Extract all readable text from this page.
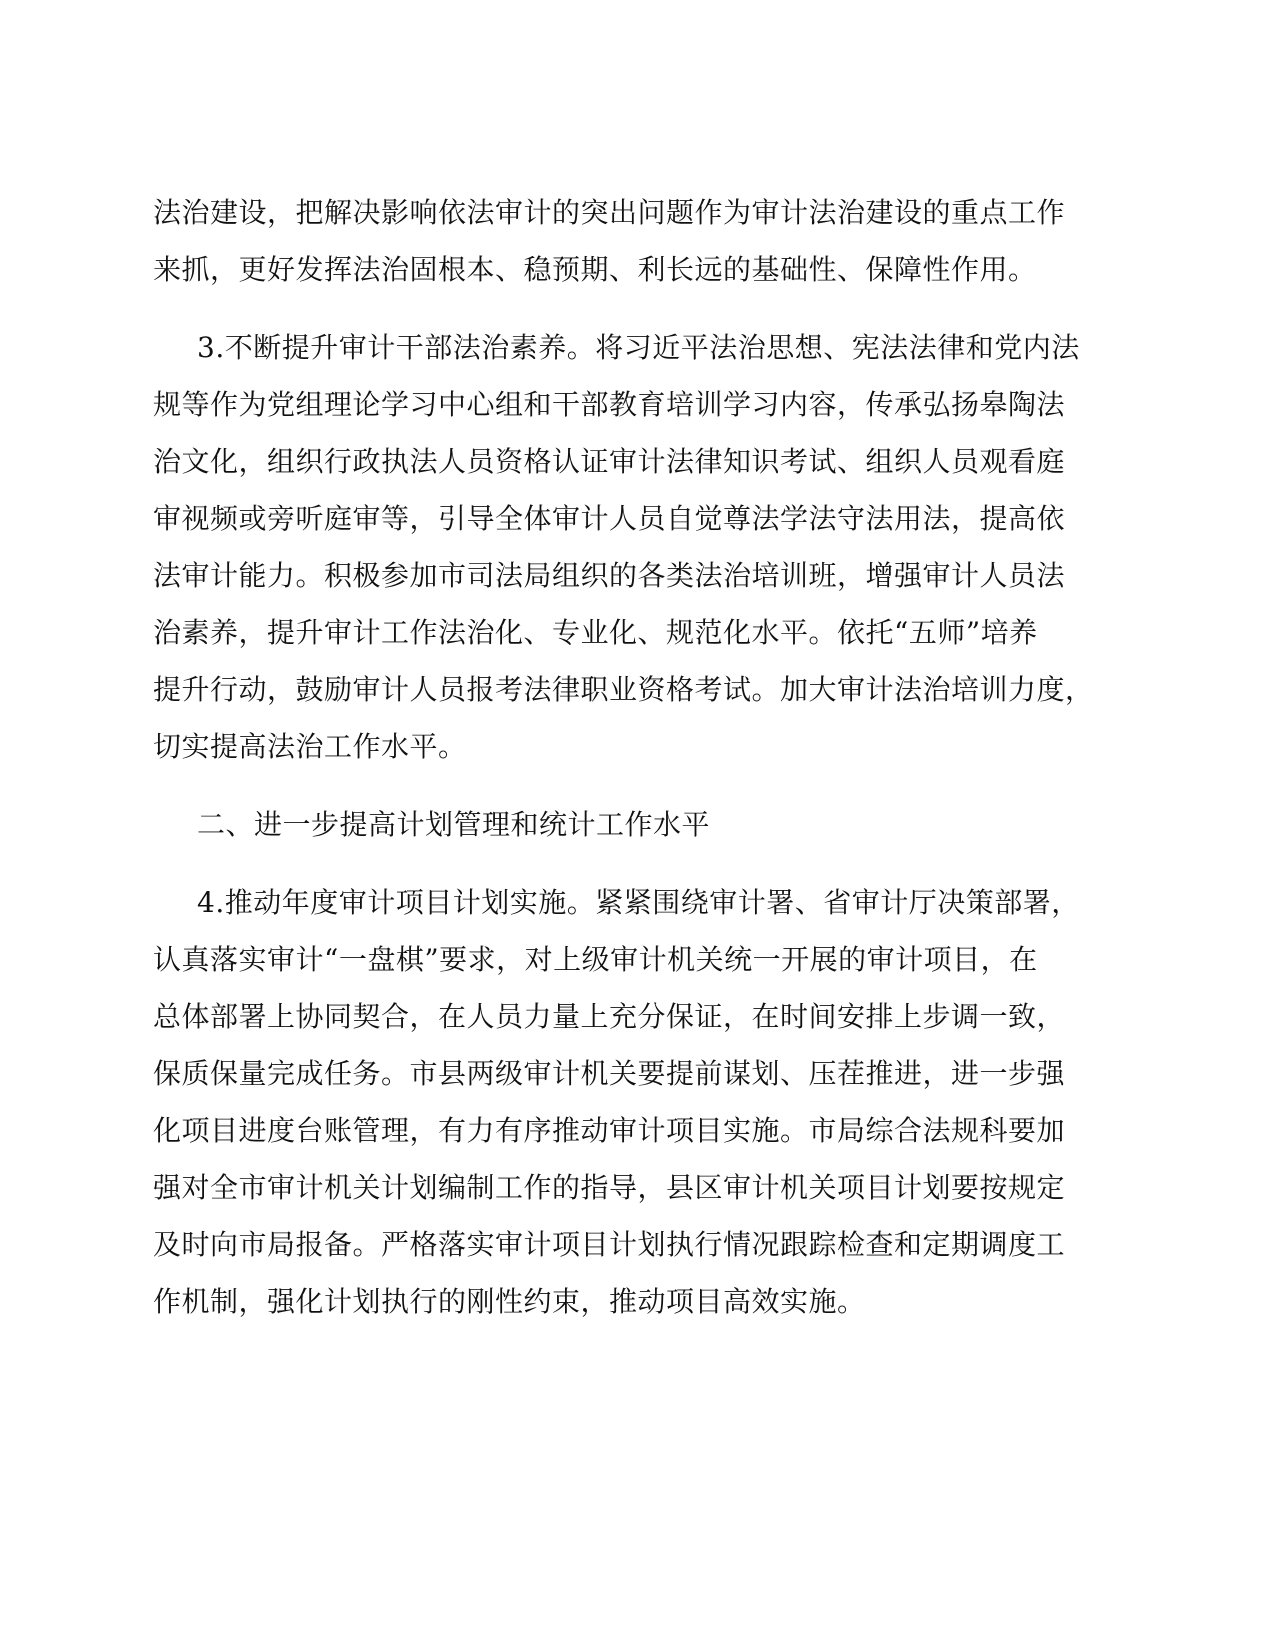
法治建设，把解决影响依法审计的突出问题作为审计法治建设的重点工作
来抓，更好发挥法治固根本、稳预期、利长远的基础性、保障性作用。
3.不断提升审计干部法治素养。将习近平法治思想、宪法法律和党内法
规等作为党组理论学习中心组和干部教育培训学习内容，传承弘扬皋陶法
治文化，组织行政执法人员资格认证审计法律知识考试、组织人员观看庭
审视频或旁听庭审等，引导全体审计人员自觉尊法学法守法用法，提高依
法审计能力。积极参加市司法局组织的各类法治培训班，增强审计人员法
治素养，提升审计工作法治化、专业化、规范化水平。依托“五师”培养
提升行动，鼓励审计人员报考法律职业资格考试。加大审计法治培训力度，
切实提高法治工作水平。
二、进一步提高计划管理和统计工作水平
4.推动年度审计项目计划实施。紧紧围绕审计署、省审计厅决策部署，
认真落实审计“一盘棋”要求，对上级审计机关统一开展的审计项目，在
总体部署上协同契合，在人员力量上充分保证，在时间安排上步调一致，
保质保量完成任务。市县两级审计机关要提前谋划、压茬推进，进一步强
化项目进度台账管理，有力有序推动审计项目实施。市局综合法规科要加
强对全市审计机关计划编制工作的指导，县区审计机关项目计划要按规定
及时向市局报备。严格落实审计项目计划执行情况跟踪检查和定期调度工
作机制，强化计划执行的刚性约束，推动项目高效实施。
